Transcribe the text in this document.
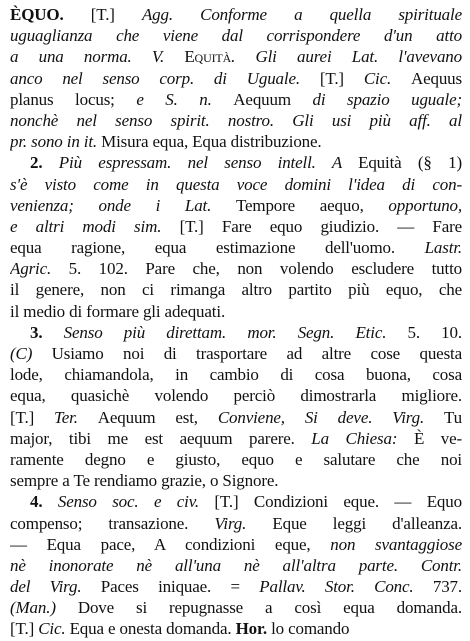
ÈQUO. [T.] Agg. Conforme a quella spirituale
uguaglianza che viene dal corrispondere d'un atto
a una norma. V. Equità. Gli aurei Lat. l'avevano
anco nel senso corp. di Uguale. [T.] Cic. Aequus
planus locus; e S. n. Aequum di spazio uguale;
nonchè nel senso spirit. nostro. Gli usi più aff. al
pr. sono in it. Misura equa, Equa distribuzione.
2. Più espressam. nel senso intell. A Equità (§ 1)
s'è visto come in questa voce domini l'idea di con-
venienza; onde i Lat. Tempore aequo, opportuno,
e altri modi sim. [T.] Fare equo giudizio. — Fare
equa ragione, equa estimazione dell'uomo. Lastr.
Agric. 5. 102. Pare che, non volendo escludere tutto
il genere, non ci rimanga altro partito più equo, che
il medio di formare gli adequati.
3. Senso più direttam. mor. Segn. Etic. 5. 10.
(C) Usiamo noi di trasportare ad altre cose questa
lode, chiamandola, in cambio di cosa buona, cosa
equa, quasichè volendo perciò dimostrarla migliore.
[T.] Ter. Aequum est, Conviene, Si deve. Virg. Tu
major, tibi me est aequum parere. La Chiesa: È ve-
ramente degno e giusto, equo e salutare che noi
sempre a Te rendiamo grazie, o Signore.
4. Senso soc. e civ. [T.] Condizioni eque. — Equo
compenso; transazione. Virg. Eque leggi d'alleanza.
— Equa pace, A condizioni eque, non svantaggiose
nè inonorate nè all'una nè all'altra parte. Contr.
del Virg. Paces iniquae. = Pallav. Stor. Conc. 737.
(Man.) Dove si repugnasse a così equa domanda.
[T.] Cic. Equa e onesta domanda. Hor. lo comando
